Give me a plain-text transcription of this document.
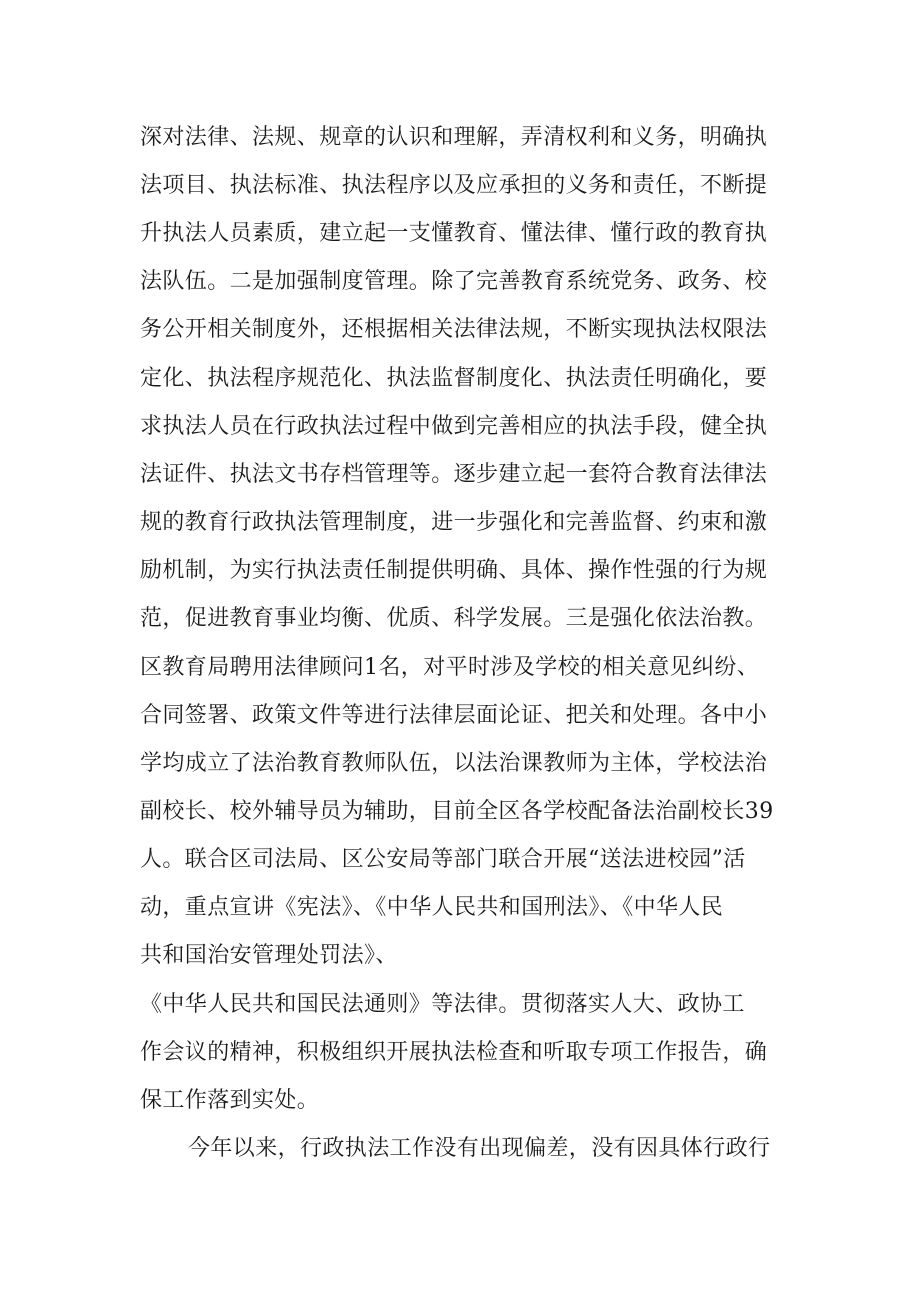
深对法律、法规、规章的认识和理解，弄清权利和义务，明确执
法项目、执法标准、执法程序以及应承担的义务和责任，不断提
升执法人员素质，建立起一支懂教育、懂法律、懂行政的教育执
法队伍。二是加强制度管理。除了完善教育系统党务、政务、校
务公开相关制度外，还根据相关法律法规，不断实现执法权限法
定化、执法程序规范化、执法监督制度化、执法责任明确化，要
求执法人员在行政执法过程中做到完善相应的执法手段，健全执
法证件、执法文书存档管理等。逐步建立起一套符合教育法律法
规的教育行政执法管理制度，进一步强化和完善监督、约束和激
励机制，为实行执法责任制提供明确、具体、操作性强的行为规
范，促进教育事业均衡、优质、科学发展。三是强化依法治教。
区教育局聘用法律顾问1名，对平时涉及学校的相关意见纠纷、
合同签署、政策文件等进行法律层面论证、把关和处理。各中小
学均成立了法治教育教师队伍，以法治课教师为主体，学校法治
副校长、校外辅导员为辅助，目前全区各学校配备法治副校长39
人。联合区司法局、区公安局等部门联合开展“送法进校园”活
动，重点宣讲《宪法》、《中华人民共和国刑法》、《中华人民
共和国治安管理处罚法》、
《中华人民共和国民法通则》等法律。贯彻落实人大、政协工
作会议的精神，积极组织开展执法检查和听取专项工作报告，确
保工作落到实处。
今年以来，行政执法工作没有出现偏差，没有因具体行政行
